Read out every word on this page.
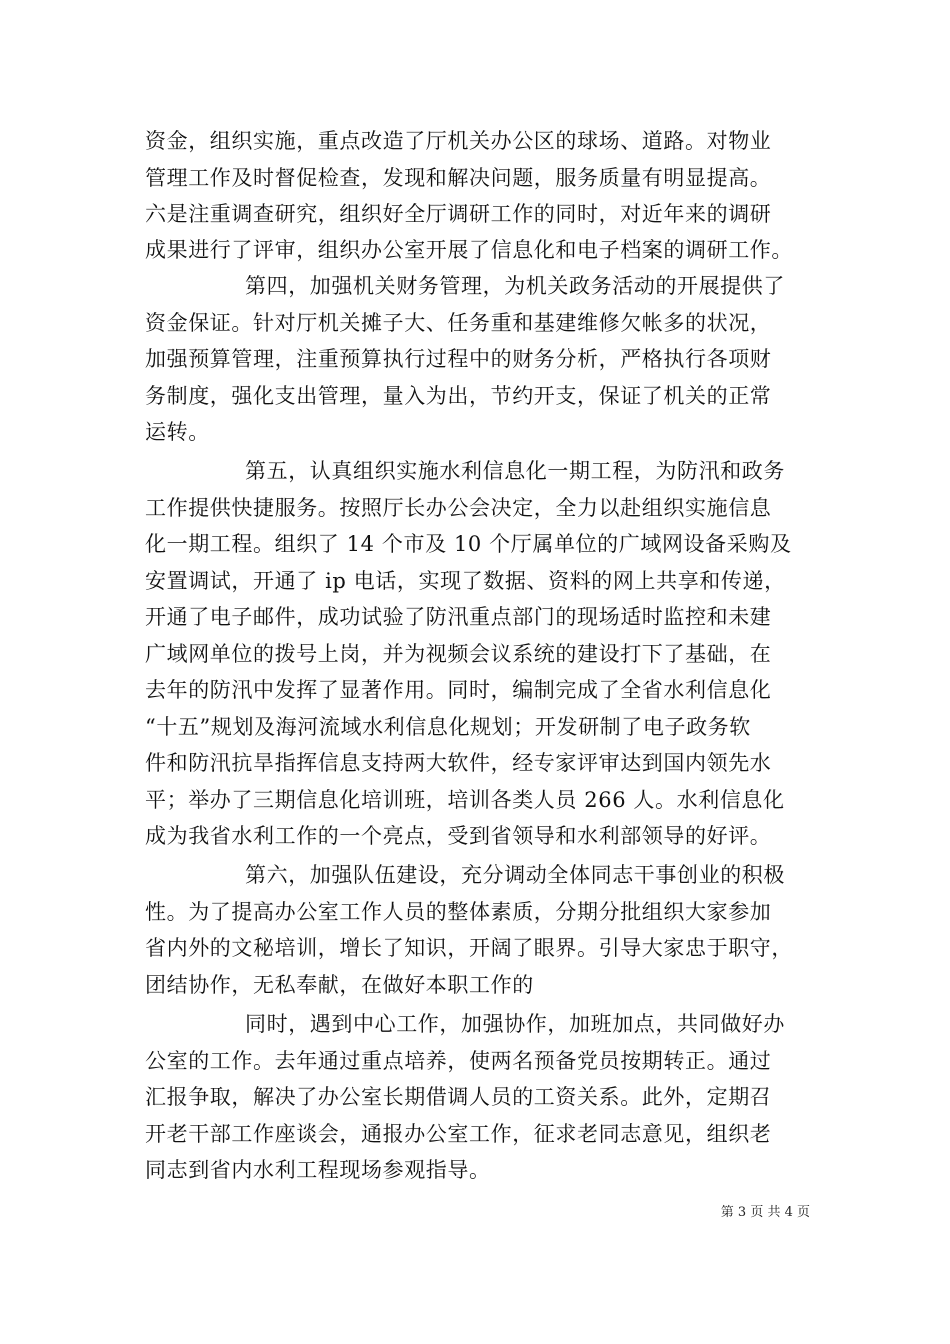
资金，组织实施，重点改造了厅机关办公区的球场、道路。对物业
管理工作及时督促检查，发现和解决问题，服务质量有明显提高。
六是注重调查研究，组织好全厅调研工作的同时，对近年来的调研
成果进行了评审，组织办公室开展了信息化和电子档案的调研工作。
第四，加强机关财务管理，为机关政务活动的开展提供了
资金保证。针对厅机关摊子大、任务重和基建维修欠帐多的状况，
加强预算管理，注重预算执行过程中的财务分析，严格执行各项财
务制度，强化支出管理，量入为出，节约开支，保证了机关的正常
运转。
第五，认真组织实施水利信息化一期工程，为防汛和政务
工作提供快捷服务。按照厅长办公会决定，全力以赴组织实施信息
化一期工程。组织了 14 个市及 10 个厅属单位的广域网设备采购及
安置调试，开通了 ip 电话，实现了数据、资料的网上共享和传递，
开通了电子邮件，成功试验了防汛重点部门的现场适时监控和未建
广域网单位的拨号上岗，并为视频会议系统的建设打下了基础，在
去年的防汛中发挥了显著作用。同时，编制完成了全省水利信息化
“十五”规划及海河流域水利信息化规划；开发研制了电子政务软
件和防汛抗旱指挥信息支持两大软件，经专家评审达到国内领先水
平；举办了三期信息化培训班，培训各类人员 266 人。水利信息化
成为我省水利工作的一个亮点，受到省领导和水利部领导的好评。
第六，加强队伍建设，充分调动全体同志干事创业的积极
性。为了提高办公室工作人员的整体素质，分期分批组织大家参加
省内外的文秘培训，增长了知识，开阔了眼界。引导大家忠于职守，
团结协作，无私奉献，在做好本职工作的
同时，遇到中心工作，加强协作，加班加点，共同做好办
公室的工作。去年通过重点培养，使两名预备党员按期转正。通过
汇报争取，解决了办公室长期借调人员的工资关系。此外，定期召
开老干部工作座谈会，通报办公室工作，征求老同志意见，组织老
同志到省内水利工程现场参观指导。
第 3 页 共 4 页
